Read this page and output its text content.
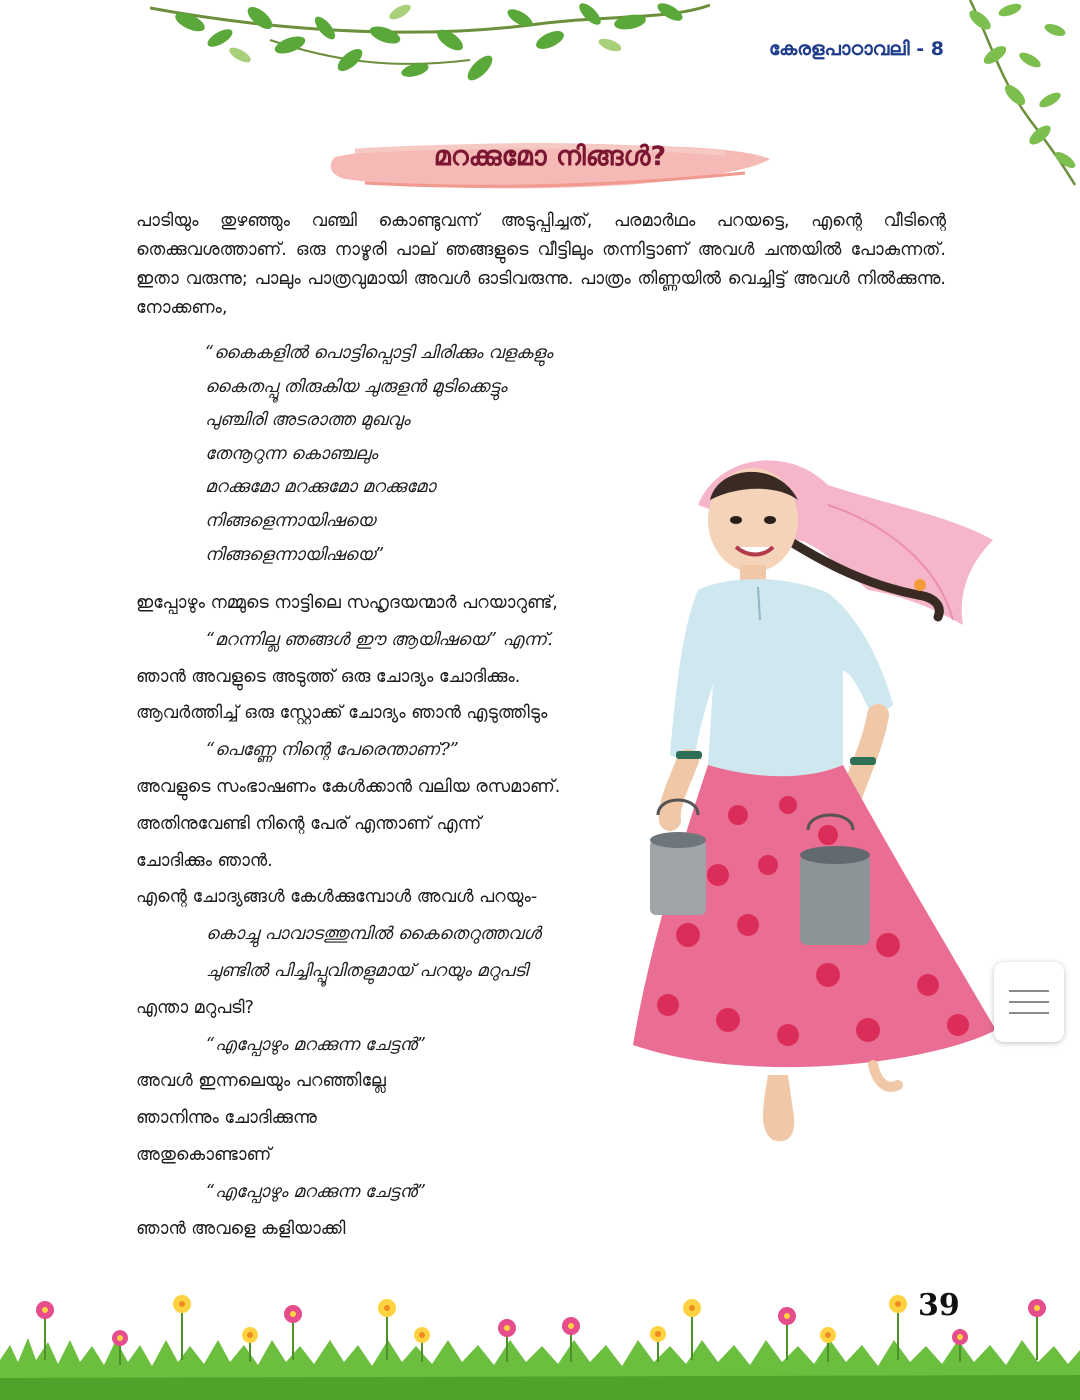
കേരളപാഠാവലി - 8
മറക്കുമോ നിങ്ങൾ?

പാടിയും തുഴഞ്ഞും വഞ്ചി കൊണ്ടുവന്ന് അടുപ്പിച്ചത്, പരമാർഥം പറയട്ടെ, എന്റെ വീടിന്റെ തെക്കുവശത്താണ്. ഒരു നാഴൂരി പാല് ഞങ്ങളുടെ വീട്ടിലും തന്നിട്ടാണ് അവൾ ചന്തയിൽ പോകുന്നത്. ഇതാ വരുന്നു; പാലും പാത്രവുമായി അവൾ ഓടിവരുന്നു. പാത്രം തിണ്ണയിൽ വെച്ചിട്ട് അവൾ നിൽക്കുന്നു. നോക്കണം,

“കൈകളിൽ പൊട്ടിപ്പൊട്ടി ചിരിക്കും വളകളും
കൈതപ്പൂ തിരുകിയ ചുരുളൻ മുടിക്കെട്ടും
പുഞ്ചിരി അടരാത്ത മുഖവും
തേനൂറുന്ന കൊഞ്ചലും
മറക്കുമോ മറക്കുമോ മറക്കുമോ
നിങ്ങളെന്നായിഷയെ
നിങ്ങളെന്നായിഷയെ”
ഇപ്പോഴും നമ്മുടെ നാട്ടിലെ സഹൃദയന്മാർ പറയാറുണ്ട്,
“മറന്നില്ല ഞങ്ങൾ ഈ ആയിഷയെ” എന്ന്.
ഞാൻ അവളുടെ അടുത്ത് ഒരു ചോദ്യം ചോദിക്കും.
ആവർത്തിച്ച് ഒരു സ്റ്റോക്ക് ചോദ്യം ഞാൻ എടുത്തിടും
“പെണ്ണേ നിന്റെ പേരെന്താണ്?”
അവളുടെ സംഭാഷണം കേൾക്കാൻ വലിയ രസമാണ്.
അതിനുവേണ്ടി നിന്റെ പേര് എന്താണ് എന്ന്
ചോദിക്കും ഞാൻ.
എന്റെ ചോദ്യങ്ങൾ കേൾക്കുമ്പോൾ അവൾ പറയും-
കൊച്ചു പാവാടത്തുമ്പിൽ കൈതെറുത്തവൾ
ചുണ്ടിൽ പിച്ചിപ്പൂവിതളുമായ് പറയും മറുപടി
എന്താ മറുപടി?
“എപ്പോഴും മറക്കുന്ന ചേട്ടൻ”
അവൾ ഇന്നലെയും പറഞ്ഞില്ലേ
ഞാനിന്നും ചോദിക്കുന്നു
അതുകൊണ്ടാണ്
“എപ്പോഴും മറക്കുന്ന ചേട്ടൻ”
ഞാൻ അവളെ കളിയാക്കി
39
